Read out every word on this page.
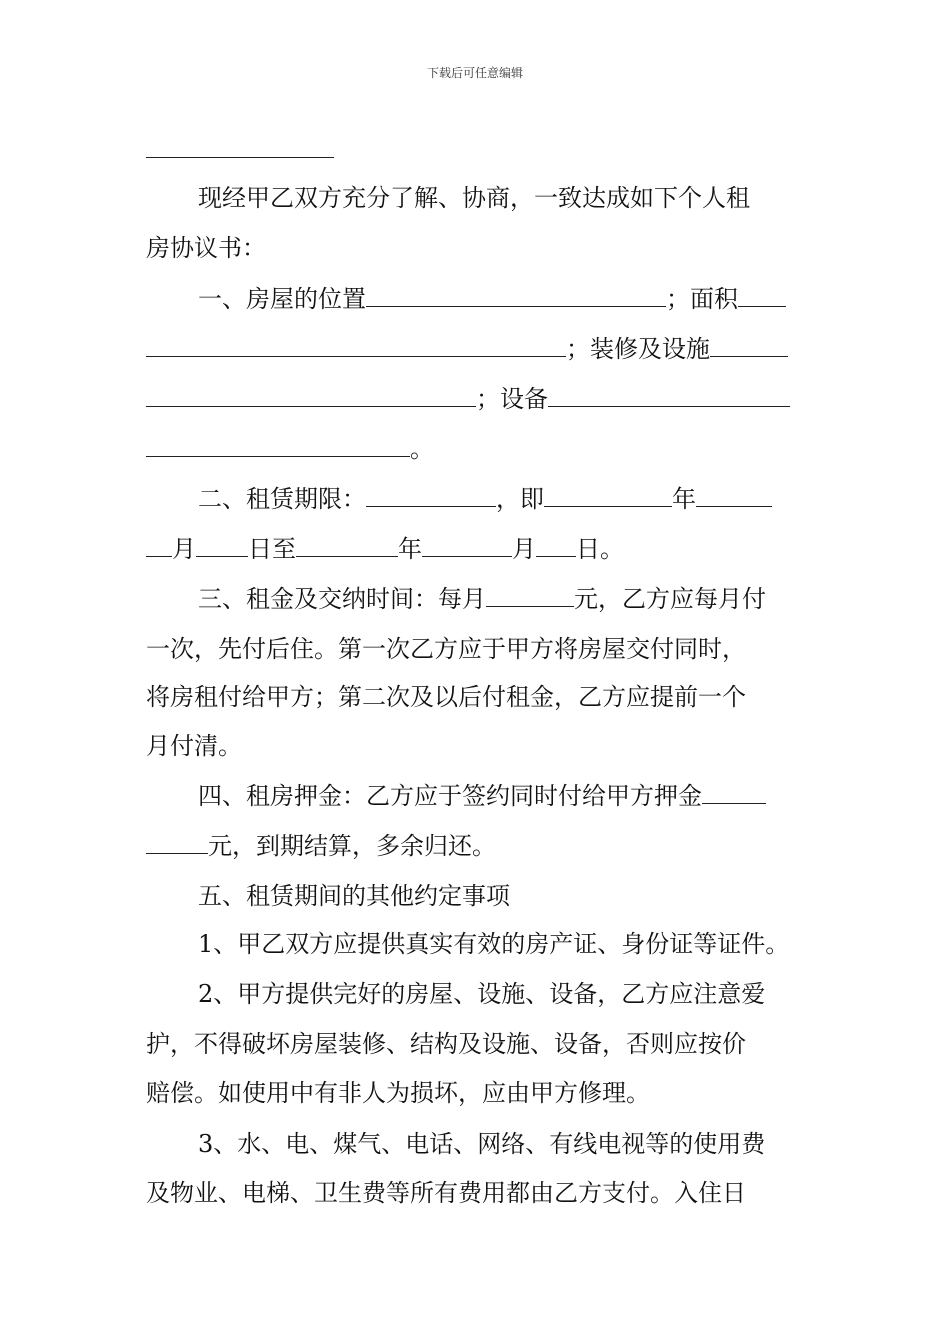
下载后可任意编辑
现经甲乙双方充分了解、协商，一致达成如下个人租
房协议书：
一、房屋的位置	；面积
；装修及设施
；设备
。
二、租赁期限：	，即	年
月 日至	年	月 日。
三、租金及交纳时间：每月	元，乙方应每月付
一次，先付后住。第一次乙方应于甲方将房屋交付同时，
将房租付给甲方；第二次及以后付租金，乙方应提前一个
月付清。
四、租房押金：乙方应于签约同时付给甲方押金
元，到期结算，多余归还。
五、租赁期间的其他约定事项
1、甲乙双方应提供真实有效的房产证、身份证等证件。
2、甲方提供完好的房屋、设施、设备，乙方应注意爱
护，不得破坏房屋装修、结构及设施、设备，否则应按价
赔偿。如使用中有非人为损坏，应由甲方修理。
3、水、电、煤气、电话、网络、有线电视等的使用费
及物业、电梯、卫生费等所有费用都由乙方支付。入住日
